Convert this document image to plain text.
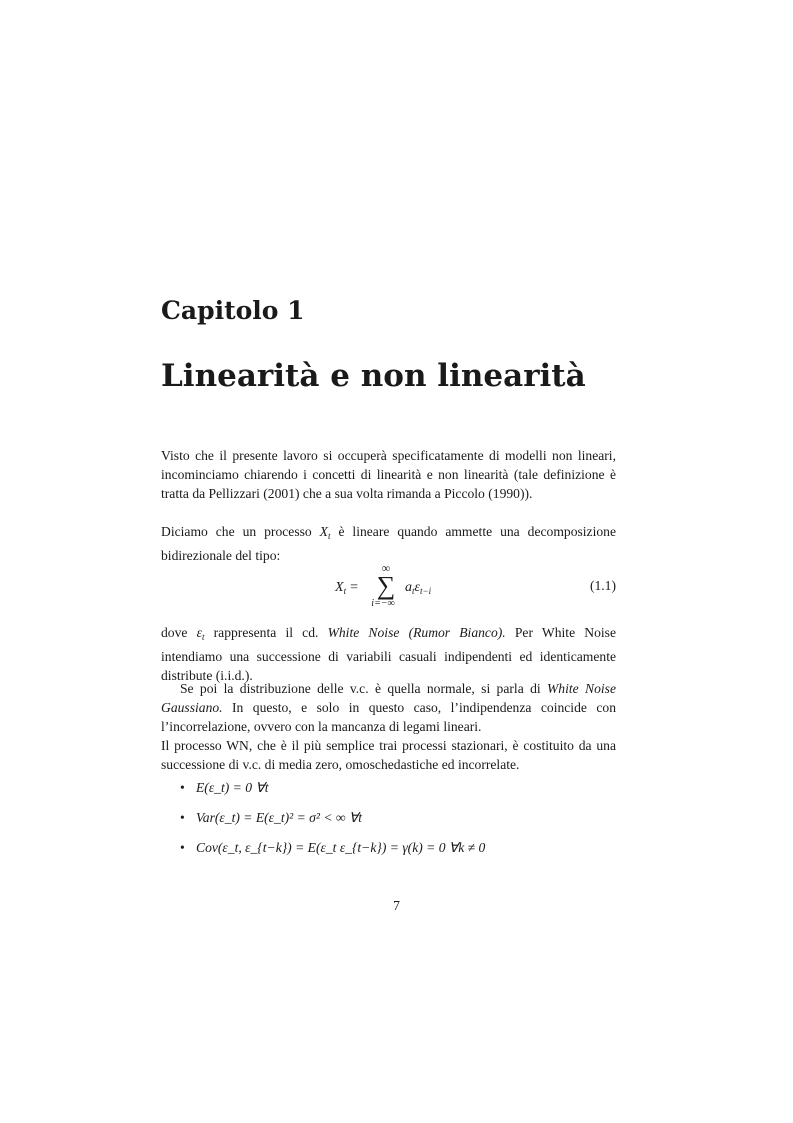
Capitolo 1
Linearità e non linearità

Visto che il presente lavoro si occuperà specificatamente di modelli non lineari, incominciamo chiarendo i concetti di linearità e non linearità (tale definizione è tratta da Pellizzari (2001) che a sua volta rimanda a Piccolo (1990)).

Diciamo che un processo $X_t$ è lineare quando ammette una decomposizione bidirezionale del tipo:

$X_t$ =
∞
∑
i=−∞
$a_t\varepsilon_{t-i}$	(1.1)

dove $\varepsilon_t$ rappresenta il cd. White Noise (Rumor Bianco). Per White Noise intendiamo una successione di variabili casuali indipendenti ed identicamente distribute (i.i.d.).

Se poi la distribuzione delle v.c. è quella normale, si parla di White Noise Gaussiano. In questo, e solo in questo caso, l’indipendenza coincide con l’incorrelazione, ovvero con la mancanza di legami lineari.

Il processo WN, che è il più semplice trai processi stazionari, è costituito da una successione di v.c. di media zero, omoschedastiche ed incorrelate.

• E(ε_t) = 0 ∀t
• Var(ε_t) = E(ε_t)² = σ² < ∞ ∀t
• Cov(ε_t, ε_{t−k}) = E(ε_t ε_{t−k}) = γ(k) = 0 ∀k ≠ 0
7
